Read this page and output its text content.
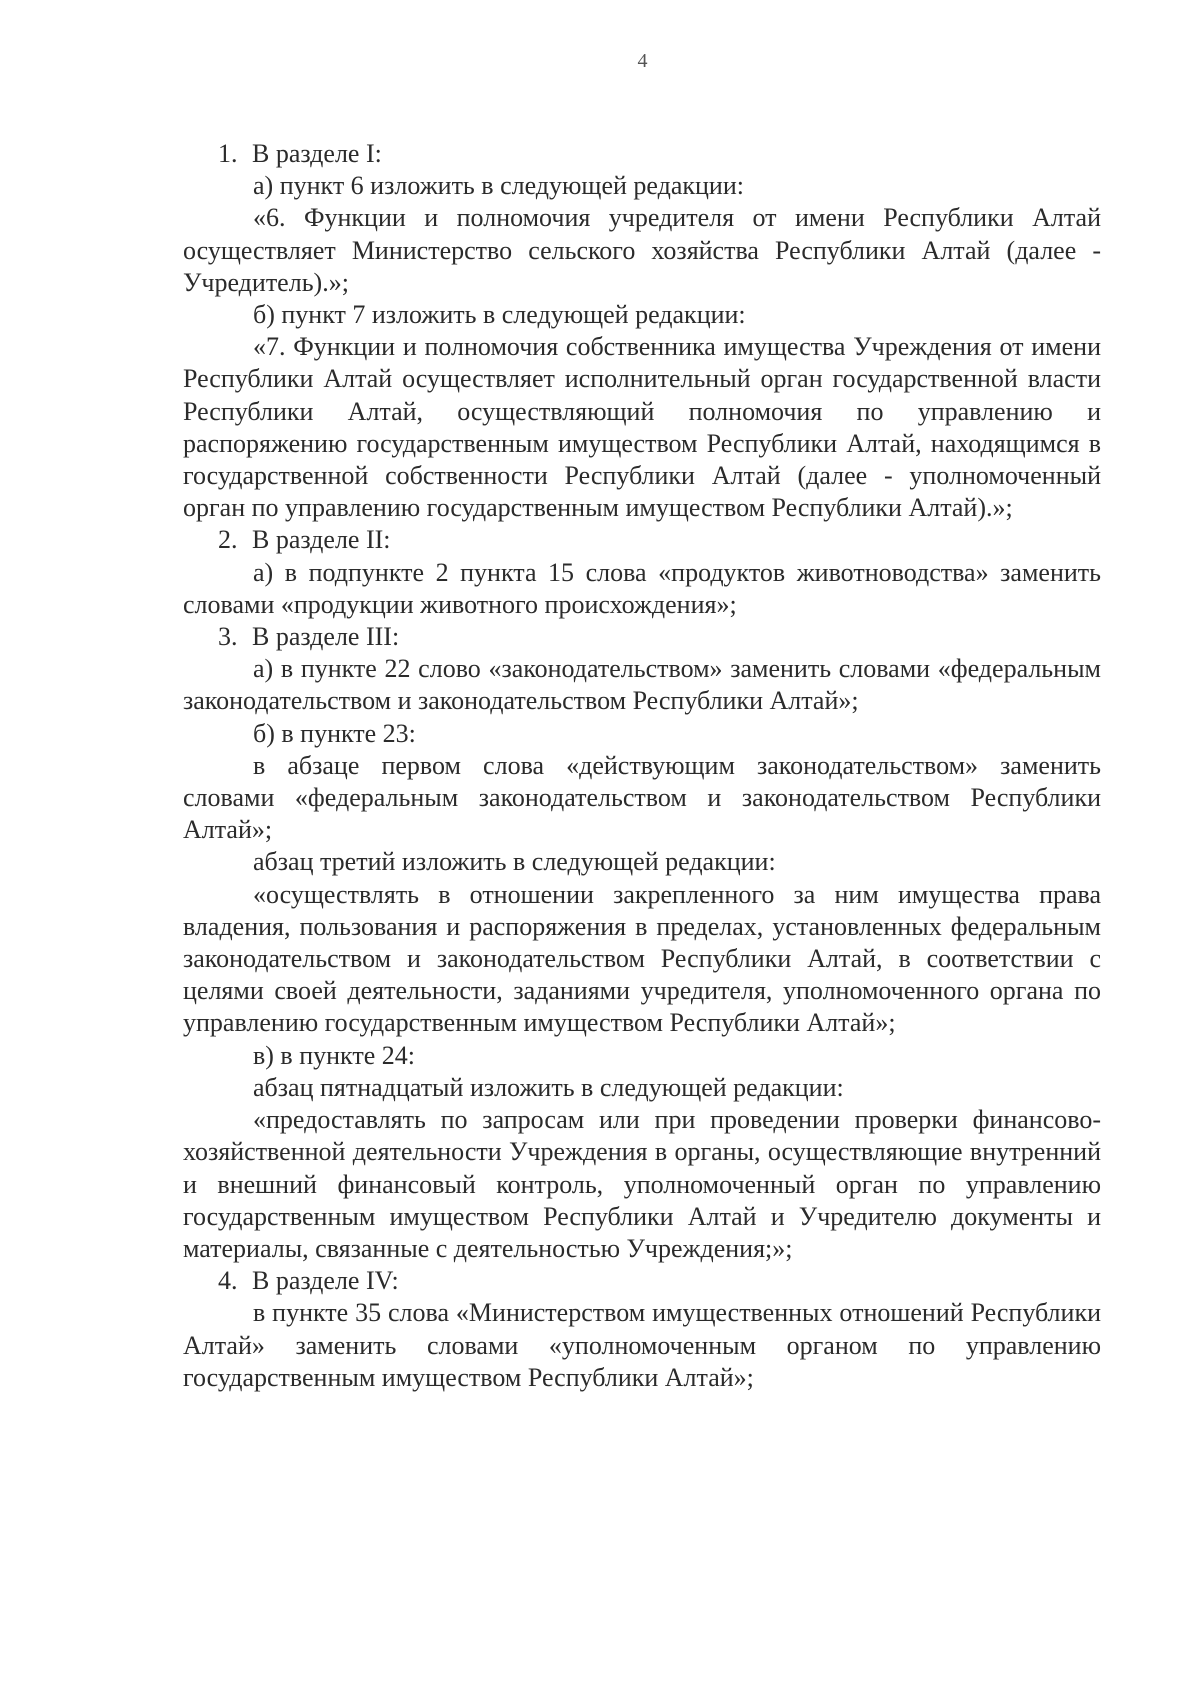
4

1. В разделе I:

а) пункт 6 изложить в следующей редакции:

«6. Функции и полномочия учредителя от имени Республики Алтай осуществляет Министерство сельского хозяйства Республики Алтай (далее - Учредитель).»;

б) пункт 7 изложить в следующей редакции:

«7. Функции и полномочия собственника имущества Учреждения от имени Республики Алтай осуществляет исполнительный орган государственной власти Республики Алтай, осуществляющий полномочия по управлению и распоряжению государственным имуществом Республики Алтай, находящимся в государственной собственности Республики Алтай (далее - уполномоченный орган по управлению государственным имуществом Республики Алтай).»;

2. В разделе II:

а) в подпункте 2 пункта 15 слова «продуктов животноводства» заменить словами «продукции животного происхождения»;

3. В разделе III:

а) в пункте 22 слово «законодательством» заменить словами «федеральным законодательством и законодательством Республики Алтай»;

б) в пункте 23:

в абзаце первом слова «действующим законодательством» заменить словами «федеральным законодательством и законодательством Республики Алтай»;

абзац третий изложить в следующей редакции:

«осуществлять в отношении закрепленного за ним имущества права владения, пользования и распоряжения в пределах, установленных федеральным законодательством и законодательством Республики Алтай, в соответствии с целями своей деятельности, заданиями учредителя, уполномоченного органа по управлению государственным имуществом Республики Алтай»;

в) в пункте 24:

абзац пятнадцатый изложить в следующей редакции:

«предоставлять по запросам или при проведении проверки финансово-хозяйственной деятельности Учреждения в органы, осуществляющие внутренний и внешний финансовый контроль, уполномоченный орган по управлению государственным имуществом Республики Алтай и Учредителю документы и материалы, связанные с деятельностью Учреждения;»;

4. В разделе IV:

в пункте 35 слова «Министерством имущественных отношений Республики Алтай» заменить словами «уполномоченным органом по управлению государственным имуществом Республики Алтай»;
